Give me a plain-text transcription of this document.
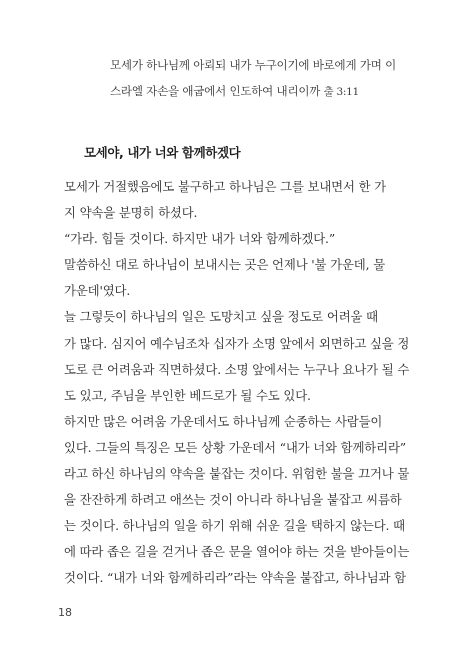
모세가 하나님께 아뢰되 내가 누구이기에 바로에게 가며 이
스라엘 자손을 애굽에서 인도하여 내리이까 출 3:11
모세야, 내가 너와 함께하겠다
모세가 거절했음에도 불구하고 하나님은 그를 보내면서 한 가
지 약속을 분명히 하셨다.
“가라. 힘들 것이다. 하지만 내가 너와 함께하겠다.”
말씀하신 대로 하나님이 보내시는 곳은 언제나 '불 가운데, 물
가운데'였다.
늘 그렇듯이 하나님의 일은 도망치고 싶을 정도로 어려울 때
가 많다. 심지어 예수님조차 십자가 소명 앞에서 외면하고 싶을 정
도로 큰 어려움과 직면하셨다. 소명 앞에서는 누구나 요나가 될 수
도 있고, 주님을 부인한 베드로가 될 수도 있다.
하지만 많은 어려움 가운데서도 하나님께 순종하는 사람들이
있다. 그들의 특징은 모든 상황 가운데서 “내가 너와 함께하리라”
라고 하신 하나님의 약속을 붙잡는 것이다. 위험한 불을 끄거나 물
을 잔잔하게 하려고 애쓰는 것이 아니라 하나님을 붙잡고 씨름하
는 것이다. 하나님의 일을 하기 위해 쉬운 길을 택하지 않는다. 때
에 따라 좁은 길을 걷거나 좁은 문을 열어야 하는 것을 받아들이는
것이다. “내가 너와 함께하리라”라는 약속을 붙잡고, 하나님과 함
18
